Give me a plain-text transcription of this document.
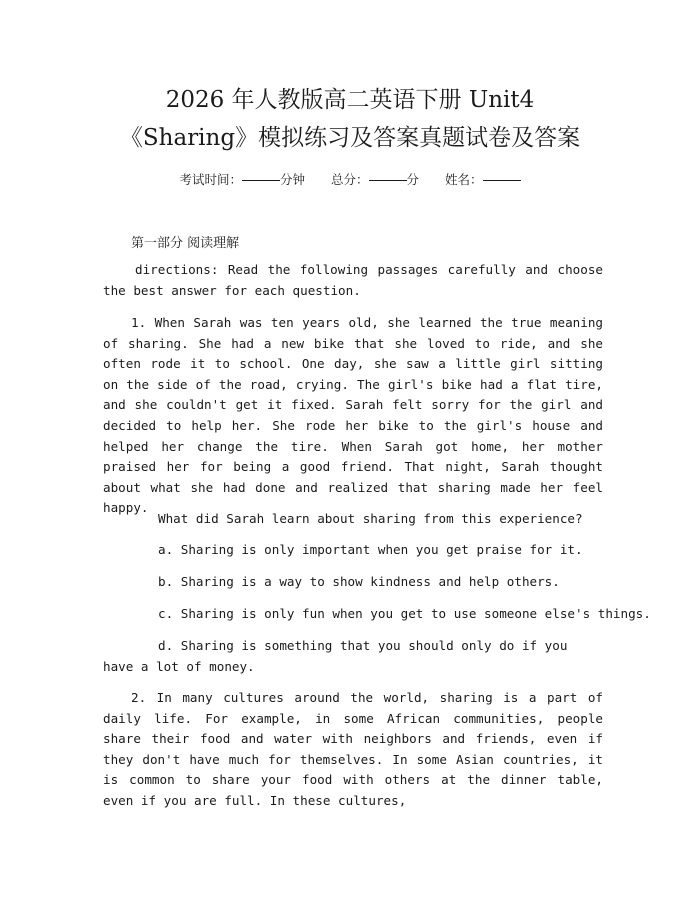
2026 年人教版高二英语下册 Unit4
《Sharing》模拟练习及答案真题试卷及答案
考试时间：	分钟 总分：	分 姓名：
第一部分 阅读理解
directions: Read the following passages carefully and choose the best answer for each question.
1. When Sarah was ten years old, she learned the true meaning of sharing. She had a new bike that she loved to ride, and she often rode it to school. One day, she saw a little girl sitting on the side of the road, crying. The girl's bike had a flat tire, and she couldn't get it fixed. Sarah felt sorry for the girl and decided to help her. She rode her bike to the girl's house and helped her change the tire. When Sarah got home, her mother praised her for being a good friend. That night, Sarah thought about what she had done and realized that sharing made her feel happy.
What did Sarah learn about sharing from this experience?
a. Sharing is only important when you get praise for it.
b. Sharing is a way to show kindness and help others.
c. Sharing is only fun when you get to use someone else's things.
d. Sharing is something that you should only do if you have a lot of money.
2. In many cultures around the world, sharing is a part of daily life. For example, in some African communities, people share their food and water with neighbors and friends, even if they don't have much for themselves. In some Asian countries, it is common to share your food with others at the dinner table, even if you are full. In these cultures,
